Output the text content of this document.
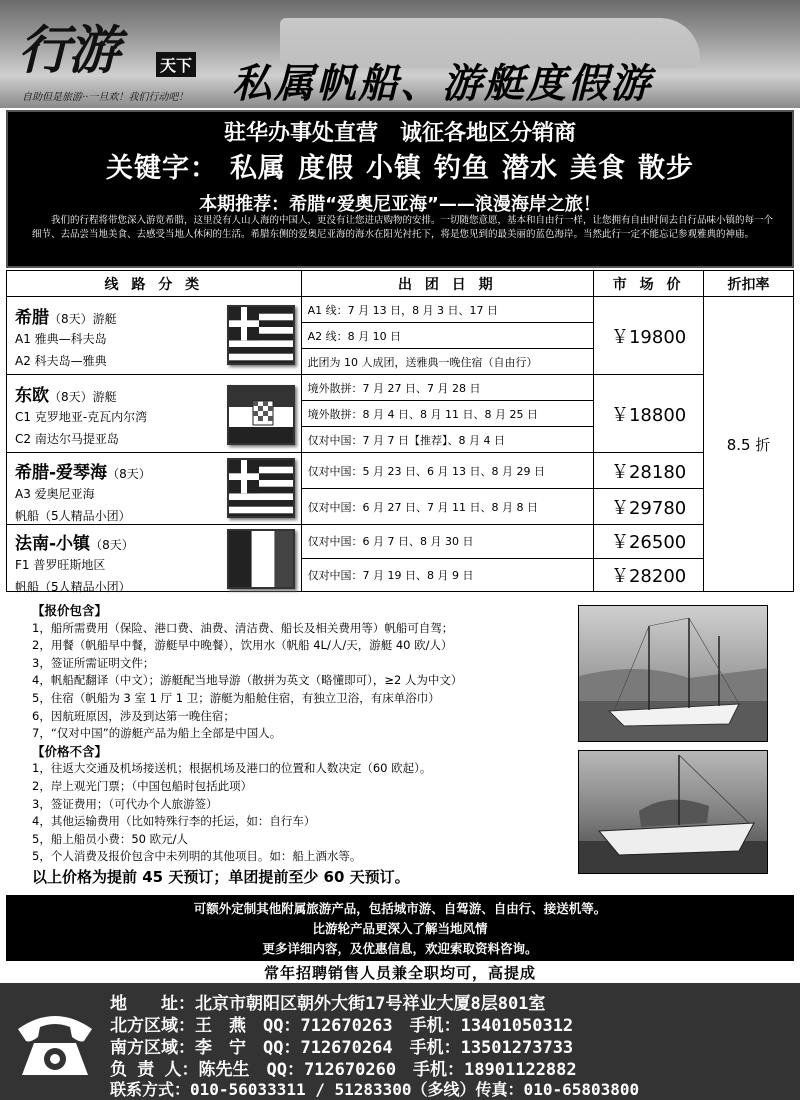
行游	天下
自助但是旅游··一旦欢！我们行动吧！ 私属帆船、游艇度假游
驻华办事处直营　诚征各地区分销商
关键字： 私属 度假 小镇 钓鱼 潜水 美食 散步
本期推荐：希腊“爱奥尼亚海”——浪漫海岸之旅！
我们的行程将带您深入游览希腊，这里没有人山人海的中国人，更没有让您进店购物的安排。一切随您意愿，基本和自由行一样，让您拥有自由时间去自行品味小镇的每一个细节、去品尝当地美食、去感受当地人休闲的生活。希腊东侧的爱奥尼亚海的海水在阳光衬托下，将是您见到的最美丽的蓝色海岸。当然此行一定不能忘记参观雅典的神庙。
线 路 分 类	出 团 日 期	市 场 价	折扣率

希腊（8天）游艇
A1 雅典—科夫岛
A2 科夫岛—雅典	A1 线：7 月 13 日，8 月 3 日、17 日	￥19800	8.5 折
	A2 线：8 月 10 日		
	此团为 10 人成团，送雅典一晚住宿（自由行）		

东欧（8天）游艇
C1 克罗地亚-克瓦内尔湾
C2 南达尔马提亚岛	境外散拼：7 月 27 日、7 月 28 日	￥18800	
	境外散拼：8 月 4 日、8 月 11 日、8 月 25 日		
	仅对中国：7 月 7 日【推荐】、8 月 4 日		

希腊-爱琴海（8天）
A3 爱奥尼亚海
帆船（5人精品小团）	仅对中国：5 月 23 日、6 月 13 日、8 月 29 日	￥28180	
	仅对中国：6 月 27 日、7 月 11 日、8 月 8 日	￥29780	

法南-小镇（8天）
F1 普罗旺斯地区
帆船（5人精品小团）	仅对中国：6 月 7 日、8 月 30 日	￥26500	
	仅对中国：7 月 19 日、8 月 9 日	￥28200	
【报价包含】
1，船所需费用（保险、港口费、油费、清洁费、船长及相关费用等）帆船可自驾；
2，用餐（帆船早中餐，游艇早中晚餐），饮用水（帆船 4L/人/天，游艇 40 欧/人）
3，签证所需证明文件；
4，帆船配翻译（中文）；游艇配当地导游（散拼为英文（略懂即可），≥2 人为中文）
5，住宿（帆船为 3 室 1 厅 1 卫；游艇为船舱住宿，有独立卫浴，有床单浴巾）
6，因航班原因，涉及到达第一晚住宿；
7，“仅对中国”的游艇产品为船上全部是中国人。
【价格不含】
1，往返大交通及机场接送机；根据机场及港口的位置和人数决定（60 欧起）。
2，岸上观光门票；（中国包船时包括此项）
3，签证费用；（可代办个人旅游签）
4，其他运输费用（比如特殊行李的托运，如：自行车）
5，船上船员小费：50 欧元/人
5，个人消费及报价包含中未列明的其他项目。如：船上酒水等。
以上价格为提前 45 天预订；单团提前至少 60 天预订。
可额外定制其他附属旅游产品，包括城市游、自驾游、自由行、接送机等。
比游轮产品更深入了解当地风情
更多详细内容，及优惠信息，欢迎索取资料咨询。
常年招聘销售人员兼全职均可，高提成
地　　址：北京市朝阳区朝外大街17号祥业大厦8层801室
北方区域：王　燕　QQ：712670263　手机：13401050312
南方区域：李　宁　QQ：712670264　手机：13501273733
负 责 人：陈先生　QQ：712670260　手机：18901122882
联系方式：010-56033311 / 51283300（多线）传真：010-65803800
